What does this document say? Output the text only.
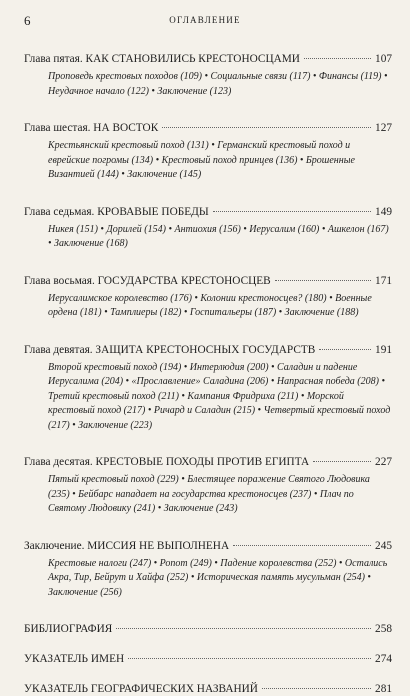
6	ОГЛАВЛЕНИЕ
Глава пятая. КАК СТАНОВИЛИСЬ КРЕСТОНОСЦАМИ	107
Проповедь крестовых походов (109) • Социальные связи (117) • Финансы (119) • Неудачное начало (122) • Заключение (123)
Глава шестая. НА ВОСТОК	127
Крестьянский крестовый поход (131) • Германский крестовый поход и еврейские погромы (134) • Крестовый поход принцев (136) • Брошенные Византией (144) • Заключение (145)
Глава седьмая. КРОВАВЫЕ ПОБЕДЫ	149
Никея (151) • Дорилей (154) • Антиохия (156) • Иерусалим (160) • Ашкелон (167) • Заключение (168)
Глава восьмая. ГОСУДАРСТВА КРЕСТОНОСЦЕВ	171
Иерусалимское королевство (176) • Колонии крестоносцев? (180) • Военные ордена (181) • Тамплиеры (182) • Госпитальеры (187) • Заключение (188)
Глава девятая. ЗАЩИТА КРЕСТОНОСНЫХ ГОСУДАРСТВ	191
Второй крестовый поход (194) • Интерлюдия (200) • Саладин и падение Иерусалима (204) • «Прославление» Саладина (206) • Напрасная победа (208) • Третий крестовый поход (211) • Кампания Фридриха (211) • Морской крестовый поход (217) • Ричард и Саладин (215) • Четвертый крестовый поход (217) • Заключение (223)
Глава десятая. КРЕСТОВЫЕ ПОХОДЫ ПРОТИВ ЕГИПТА	227
Пятый крестовый поход (229) • Блестящее поражение Святого Людовика (235) • Бейбарс нападает на государства крестоносцев (237) • Плач по Святому Людовику (241) • Заключение (243)
Заключение. МИССИЯ НЕ ВЫПОЛНЕНА	245
Крестовые налоги (247) • Ропот (249) • Падение королевства (252) • Остались Акра, Тир, Бейрут и Хайфа (252) • Историческая память мусульман (254) • Заключение (256)
БИБЛИОГРАФИЯ	258
УКАЗАТЕЛЬ ИМЕН	274
УКАЗАТЕЛЬ ГЕОГРАФИЧЕСКИХ НАЗВАНИЙ	281
